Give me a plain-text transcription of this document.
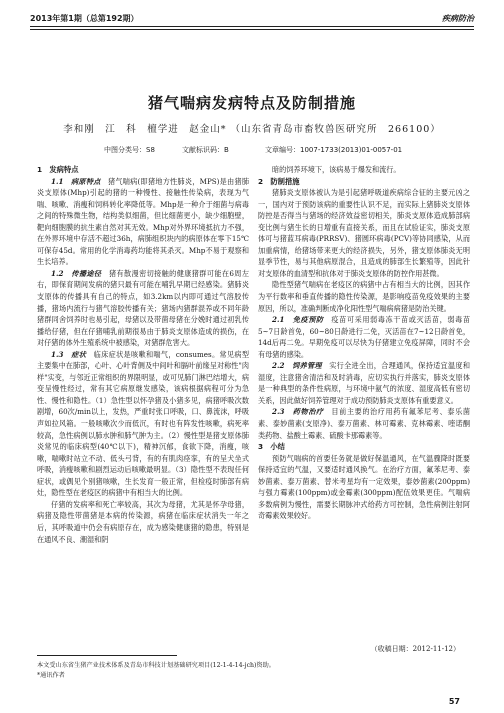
2013年第1期（总第192期）	疾病防治
猪气喘病发病特点及防制措施
李和刚　江　科　檀学进　赵金山* （山东省青岛市畜牧兽医研究所　266100）
中图分类号：S8	文献标识码：B	文章编号：1007-1733(2013)01-0057-01

1　发病特点

1.1　病原特点　 猪气喘病(即猪地方性肺炎，MPS)是由猪肺炎支原体(Mhp)引起的猪的一种慢性、接触性传染病，表现为气喘、咳嗽、消瘦和饲料转化率降低等。Mhp是一种介于细菌与病毒之间的特殊微生物，结构类似细菌，但比细菌更小，缺少细胞壁，靶向细胞膜的抗生素自然对其无效。Mhp对外界环境抵抗力不强，在外界环境中存活不超过36h，病肺组织块内的病原体在零下15℃可保存45d。常用的化学消毒药均能将其杀灭。Mhp不易于观察和生长培养。

1.2　传播途径　 猪有散漫密切接触的健康猪群可能在6周左右，即保育期间发病的猪只最有可能在哺乳早期已经感染。猪肺炎支原体的传播具有自己的特点，如3.2km以内即可通过气溶胶传播，猪场内流行与猪气溶胶传播有关；猪场内猪群混养或不同年龄猪群同舍饲养时也易引起，母猪以及带菌母猪在分娩时通过初乳传播给仔猪，但在仔猪哺乳前期很易由于肺炎支原体造成的损伤，在对仔猪的体外生殖系统中被感染，对猪群危害大。

1.3　症状　 临床症状是咳嗽和喘气，consumes。常见病型主要集中在肺部，心叶、心叶背侧及中间叶和膈叶前缘呈对称性"肉样"实变，与邻近正常组织的界限明显，或可见肺门淋巴结增大，病变呈慢性经过，常有其它病原继发感染，该病根据病程可分为急性、慢性和隐性。（1）急性型以怀孕猪及小猪多见，病猪呼吸次数剧增，60次/min以上，发热，严重时张口呼吸，口、鼻流沫，呼吸声如拉风箱。一般咳嗽次少而低沉，有时也有阵发性咳嗽，病死率较高，急性病例以肺水肿和肺气肿为主。（2）慢性型是猪支原体肺炎常见的临床病型(40℃以下)，精神沉郁，食欲下降，消瘦，咳嗽，喘嗽时站立不动、低头弓背，有的有肌肉痉挛，有的呈犬坐式呼吸，消瘦咳嗽和剧烈运动后咳嗽最明显。（3）隐性型不表现任何症状，或偶见个别猪咳嗽，生长发育一般正常，但检疫时肺部有病灶，隐性型在老疫区的病猪中有相当大的比例。

仔猪的发病率和死亡率较高，其次为母猪，尤其是怀孕母猪，病猪及隐性带菌猪是本病的传染源，病猪在临床症状消失一年之后，其呼吸道中仍会有病原存在，成为感染健康猪的隐患，特别是在通风不良、潮湿和阴

暗的饲养环境下，该病易于爆发和流行。

2　防制措施

猪肺炎支原体被认为是引起猪呼吸道疾病综合征的主要元凶之一，国内对于预防该病的重要性认识不足，而实际上猪肺炎支原体防控是否得当与猪场的经济效益密切相关，肺炎支原体造成肺部病变比例与猪生长的日增重有直接关系，而且在试验证实，肺炎支原体可与猪蓝耳病毒(PRRSV)、猪圆环病毒(PCV)等协同感染，从而加重病情，给猪场带来更大的经济损失，另外，猪支原体肺炎无明显季节性，易与其他病原混合，且造成的肺部生长繁殖等，因此针对支原体的血清型和抗体对于肺炎支原体的防控作用甚微。

隐性型猪气喘病在老疫区的病猪中占有相当大的比例，因其作为平行数率和垂直传播的隐性传染源，是影响疫苗免疫效果的主要原因，所以，准确判断成净化阳性型气喘病病猪是防治关键。

2.1　免疫预防　 疫苗可采用弱毒冻干苗或灭活苗，弱毒苗5~7日龄首免，60~80日龄进行二免，灭活苗在7~12日龄首免，14d后再二免。早期免疫可以尽快为仔猪建立免疫屏障，同时不会有母猪的感染。

2.2　饲养管理　 实行全进全出，合理通风，保持适宜温度和湿度，注意猪舍清洁和及时消毒，应切实执行并落实，肺炎支原体是一种典型的条件性病原，与环境中氨气的浓度、湿度高低有密切关系，因此做好饲养管理对于成功预防肺炎支原体有重要意义。

2.3　药物治疗　 目前主要的治疗用药有氟苯尼考、泰乐菌素、泰妙菌素(支原净)、泰万菌素、林可霉素、克林霉素、喹诺酮类药物、盐酸土霉素、硫酸卡那霉素等。

3　小结

预防气喘病的首要任务就是做好保温通风，在气温骤降时既要保持适宜的气温，又要适时通风换气。在治疗方面，氟苯尼考、泰妙菌素、泰万菌素、替米考星均有一定效果，泰妙菌素(200ppm)与强力霉素(100ppm)或金霉素(300ppm)配伍效果更佳。气喘病多数病例为慢性，需要长期脉冲式给药方可控制，急性病例注射阿奇霉素效果较好。

（收稿日期：2012-11-12）
本文受山东省生猪产业技术体系及青岛市科技计划基础研究项目(12-1-4-14-jch)资助。
*通讯作者
57
